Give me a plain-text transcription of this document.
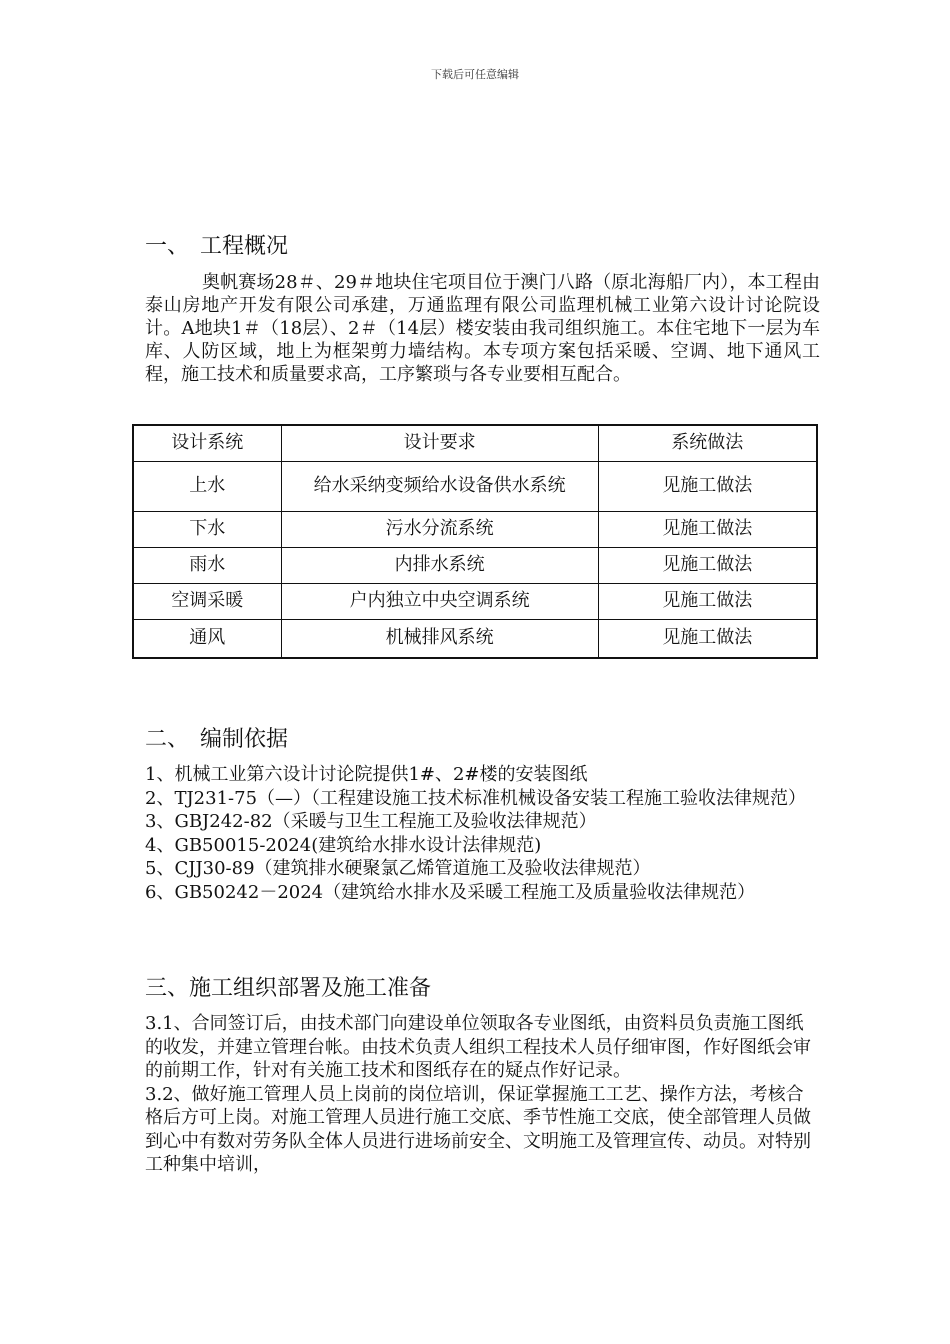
下载后可任意编辑
一、 工程概况

奥帆赛场28＃、29＃地块住宅项目位于澳门八路（原北海船厂内），本工程由泰山房地产开发有限公司承建，万通监理有限公司监理机械工业第六设计讨论院设计。A地块1＃（18层）、2＃（14层）楼安装由我司组织施工。本住宅地下一层为车库、人防区域，地上为框架剪力墙结构。本专项方案包括采暖、空调、地下通风工程，施工技术和质量要求高，工序繁琐与各专业要相互配合。

设计系统	设计要求	系统做法
上水	给水采纳变频给水设备供水系统	见施工做法
下水	污水分流系统	见施工做法
雨水	内排水系统	见施工做法
空调采暖	户内独立中央空调系统	见施工做法
通风	机械排风系统	见施工做法
二、 编制依据

1、机械工业第六设计讨论院提供1#、2#楼的安装图纸

2、TJ231-75（—）（工程建设施工技术标准机械设备安装工程施工验收法律规范）

3、GBJ242-82（采暖与卫生工程施工及验收法律规范）

4、GB50015-2024(建筑给水排水设计法律规范)

5、CJJ30-89（建筑排水硬聚氯乙烯管道施工及验收法律规范）

6、GB50242－2024（建筑给水排水及采暖工程施工及质量验收法律规范）

三、施工组织部署及施工准备

3.1、合同签订后，由技术部门向建设单位领取各专业图纸，由资料员负责施工图纸的收发，并建立管理台帐。由技术负责人组织工程技术人员仔细审图，作好图纸会审的前期工作，针对有关施工技术和图纸存在的疑点作好记录。

3.2、做好施工管理人员上岗前的岗位培训，保证掌握施工工艺、操作方法，考核合格后方可上岗。对施工管理人员进行施工交底、季节性施工交底，使全部管理人员做到心中有数对劳务队全体人员进行进场前安全、文明施工及管理宣传、动员。对特别工种集中培训，
